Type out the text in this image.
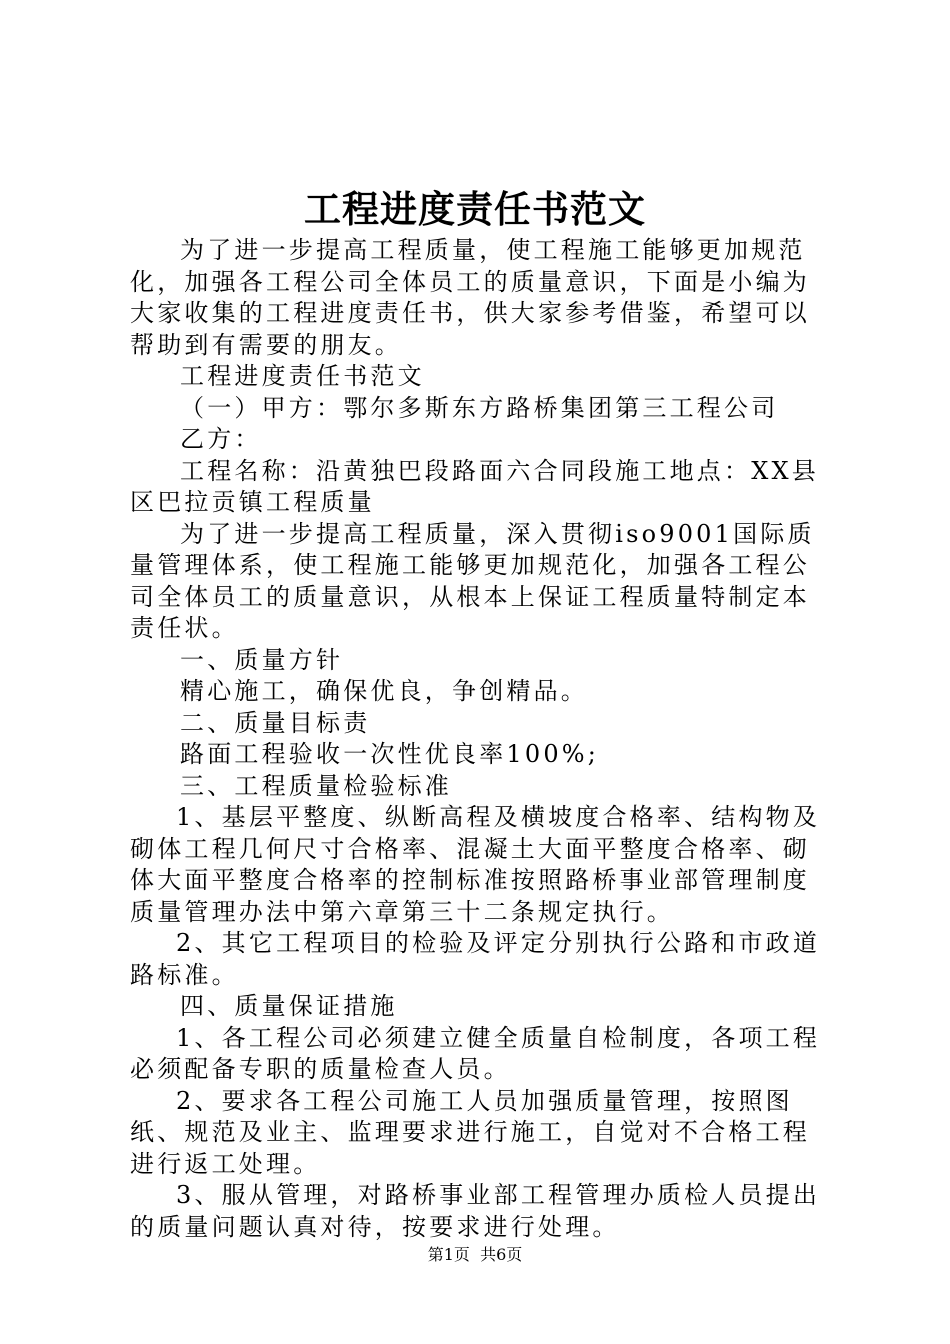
工程进度责任书范文

为了进一步提高工程质量，使工程施工能够更加规范化，加强各工程公司全体员工的质量意识，下面是小编为大家收集的工程进度责任书，供大家参考借鉴，希望可以帮助到有需要的朋友。

工程进度责任书范文

（一）甲方：鄂尔多斯东方路桥集团第三工程公司

乙方：

工程名称：沿黄独巴段路面六合同段施工地点：XX县区巴拉贡镇工程质量

为了进一步提高工程质量，深入贯彻iso9001国际质量管理体系，使工程施工能够更加规范化，加强各工程公司全体员工的质量意识，从根本上保证工程质量特制定本责任状。

一、质量方针

精心施工，确保优良，争创精品。

二、质量目标责

路面工程验收一次性优良率100%;

三、工程质量检验标准

1、基层平整度、纵断高程及横坡度合格率、结构物及砌体工程几何尺寸合格率、混凝土大面平整度合格率、砌体大面平整度合格率的控制标准按照路桥事业部管理制度质量管理办法中第六章第三十二条规定执行。

2、其它工程项目的检验及评定分别执行公路和市政道路标准。

四、质量保证措施

1、各工程公司必须建立健全质量自检制度，各项工程必须配备专职的质量检查人员。

2、要求各工程公司施工人员加强质量管理，按照图纸、规范及业主、监理要求进行施工，自觉对不合格工程进行返工处理。

3、服从管理，对路桥事业部工程管理办质检人员提出的质量问题认真对待，按要求进行处理。

第1页 共6页
